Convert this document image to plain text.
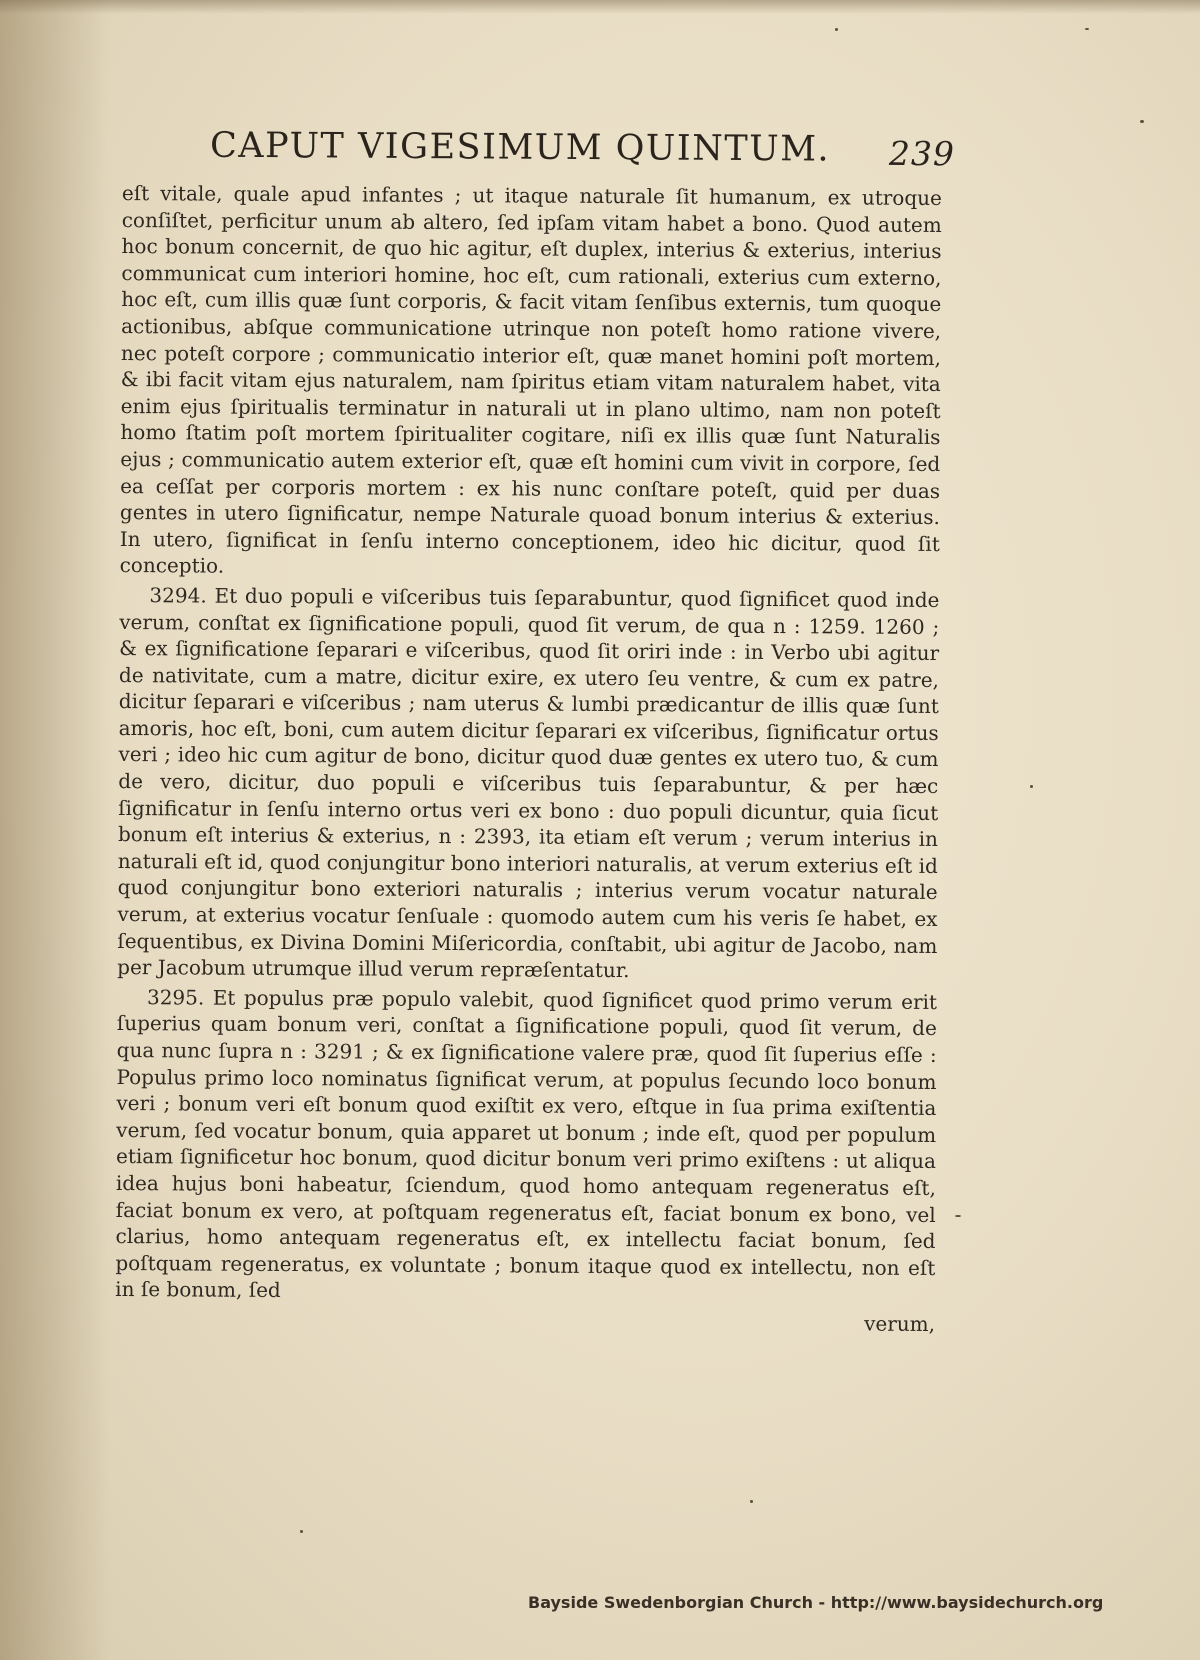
CAPUT VIGESIMUM QUINTUM. 239

eſt vitale, quale apud infantes ; ut itaque naturale ſit humanum, ex utroque conſiſtet, perficitur unum ab altero, ſed ipſam vitam habet a bono. Quod autem hoc bonum concernit, de quo hic agitur, eſt duplex, interius & exterius, interius communicat cum interiori homine, hoc eſt, cum rationali, exterius cum externo, hoc eſt, cum illis quæ ſunt corporis, & facit vitam ſenſibus externis, tum quoque actionibus, abſque communicatione utrinque non poteſt homo ratione vivere, nec poteſt corpore ; communicatio interior eſt, quæ manet homini poſt mortem, & ibi facit vitam ejus naturalem, nam ſpiritus etiam vitam naturalem habet, vita enim ejus ſpiritualis terminatur in naturali ut in plano ultimo, nam non poteſt homo ſtatim poſt mortem ſpiritualiter cogitare, niſi ex illis quæ ſunt Naturalis ejus ; communicatio autem exterior eſt, quæ eſt homini cum vivit in corpore, ſed ea ceſſat per corporis mortem : ex his nunc conſtare poteſt, quid per duas gentes in utero ſignificatur, nempe Naturale quoad bonum interius & exterius. In utero, ſignificat in ſenſu interno conceptionem, ideo hic dicitur, quod ſit conceptio.

3294. Et duo populi e viſceribus tuis ſeparabuntur, quod ſignificet quod inde verum, conſtat ex ſignificatione populi, quod ſit verum, de qua n : 1259. 1260 ; & ex ſignificatione ſeparari e viſceribus, quod ſit oriri inde : in Verbo ubi agitur de nativitate, cum a matre, dicitur exire, ex utero ſeu ventre, & cum ex patre, dicitur ſeparari e viſceribus ; nam uterus & lumbi prædicantur de illis quæ ſunt amoris, hoc eſt, boni, cum autem dicitur ſeparari ex viſceribus, ſignificatur ortus veri ; ideo hic cum agitur de bono, dicitur quod duæ gentes ex utero tuo, & cum de vero, dicitur, duo populi e viſceribus tuis ſeparabuntur, & per hæc ſignificatur in ſenſu interno ortus veri ex bono : duo populi dicuntur, quia ſicut bonum eſt interius & exterius, n : 2393, ita etiam eſt verum ; verum interius in naturali eſt id, quod conjungitur bono interiori naturalis, at verum exterius eſt id quod conjungitur bono exteriori naturalis ; interius verum vocatur naturale verum, at exterius vocatur ſenſuale : quomodo autem cum his veris ſe habet, ex ſequentibus, ex Divina Domini Miſericordia, conſtabit, ubi agitur de Jacobo, nam per Jacobum utrumque illud verum repræſentatur.

3295. Et populus præ populo valebit, quod ſignificet quod primo verum erit ſuperius quam bonum veri, conſtat a ſignificatione populi, quod ſit verum, de qua nunc ſupra n : 3291 ; & ex ſignificatione valere præ, quod ſit ſuperius eſſe : Populus primo loco nominatus ſignificat verum, at populus ſecundo loco bonum veri ; bonum veri eſt bonum quod exiſtit ex vero, eſtque in ſua prima exiſtentia verum, ſed vocatur bonum, quia apparet ut bonum ; inde eſt, quod per populum etiam ſignificetur hoc bonum, quod dicitur bonum veri primo exiſtens : ut aliqua idea hujus boni habeatur, ſciendum, quod homo antequam regeneratus eſt, faciat bonum ex vero, at poſtquam regeneratus eſt, faciat bonum ex bono, vel clarius, homo antequam regeneratus eſt, ex intellectu faciat bonum, ſed poſtquam regeneratus, ex voluntate ; bonum itaque quod ex intellectu, non eſt in ſe bonum, ſed

verum,

Bayside Swedenborgian Church - http://www.baysidechurch.org
